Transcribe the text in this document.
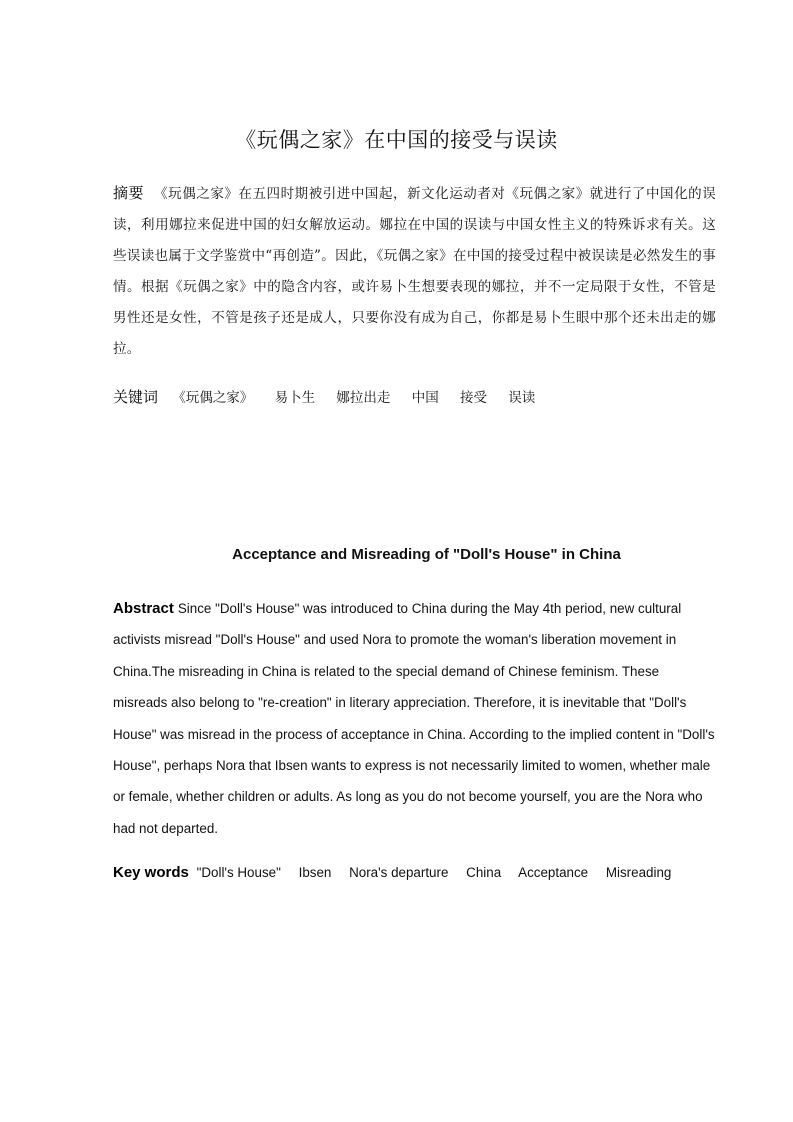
《玩偶之家》在中国的接受与误读
摘要 《玩偶之家》在五四时期被引进中国起，新文化运动者对《玩偶之家》就进行了中国化的误读，利用娜拉来促进中国的妇女解放运动。娜拉在中国的误读与中国女性主义的特殊诉求有关。这些误读也属于文学鉴赏中“再创造”。因此，《玩偶之家》在中国的接受过程中被误读是必然发生的事情。根据《玩偶之家》中的隐含内容，或许易卜生想要表现的娜拉，并不一定局限于女性，不管是男性还是女性，不管是孩子还是成人，只要你没有成为自己，你都是易卜生眼中那个还未出走的娜拉。
关键词 《玩偶之家》 易卜生 娜拉出走 中国 接受 误读
Acceptance and Misreading of "Doll's House" in China
Abstract Since "Doll's House" was introduced to China during the May 4th period, new cultural activists misread "Doll's House" and used Nora to promote the woman's liberation movement in China.The misreading in China is related to the special demand of Chinese feminism. These misreads also belong to "re-creation" in literary appreciation. Therefore, it is inevitable that "Doll's House" was misread in the process of acceptance in China. According to the implied content in "Doll's House", perhaps Nora that Ibsen wants to express is not necessarily limited to women, whether male or female, whether children or adults. As long as you do not become yourself, you are the Nora who had not departed.
Key words "Doll's House" Ibsen Nora's departure China Acceptance Misreading
